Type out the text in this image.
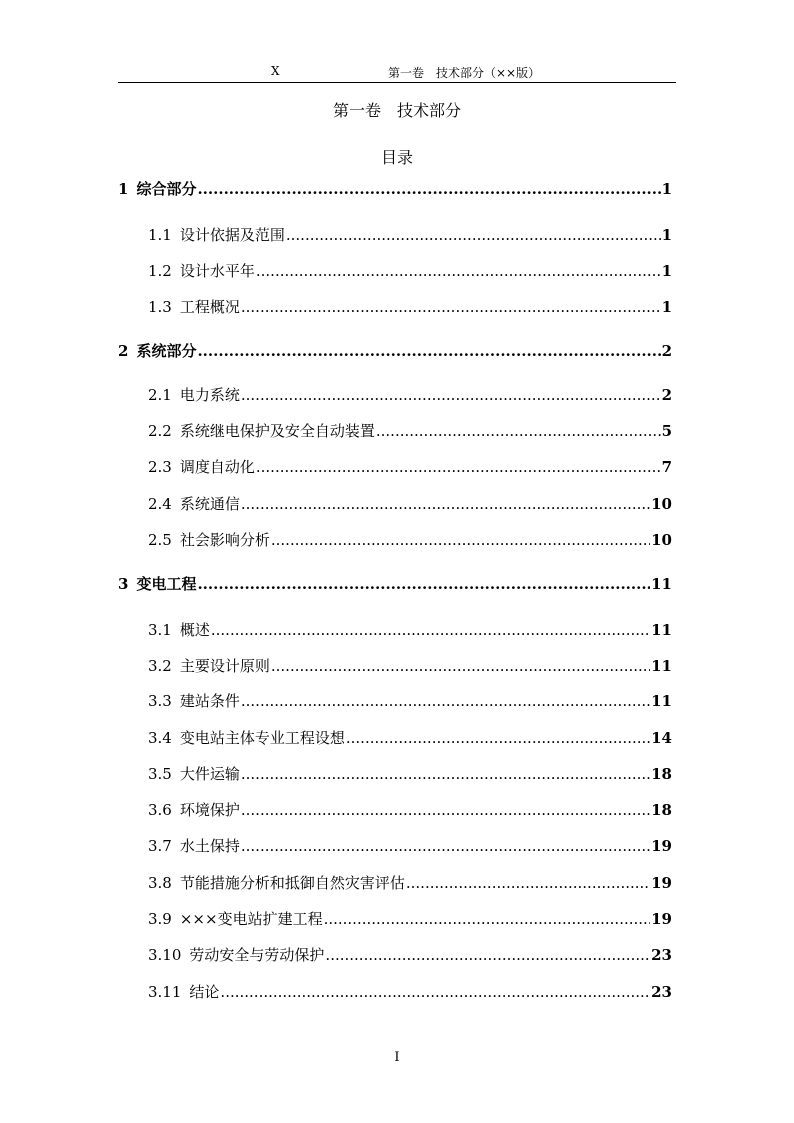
X	第一卷　技术部分（××版）
第一卷　技术部分
目录
1 综合部分 .....	1
1.1 设计依据及范围 .....	1
1.2 设计水平年 .....	1
1.3 工程概况 .....	1
2 系统部分 .....	2
2.1 电力系统 .....	2
2.2 系统继电保护及安全自动装置 .....	5
2.3 调度自动化 .....	7
2.4 系统通信 .....	10
2.5 社会影响分析 .....	10
3 变电工程 .....	11
3.1 概述 .....	11
3.2 主要设计原则 .....	11
3.3 建站条件 .....	11
3.4 变电站主体专业工程设想 .....	14
3.5 大件运输 .....	18
3.6 环境保护 .....	18
3.7 水土保持 .....	19
3.8 节能措施分析和抵御自然灾害评估 .....	19
3.9 ×××变电站扩建工程 .....	19
3.10 劳动安全与劳动保护 .....	23
3.11 结论 .....	23
I
